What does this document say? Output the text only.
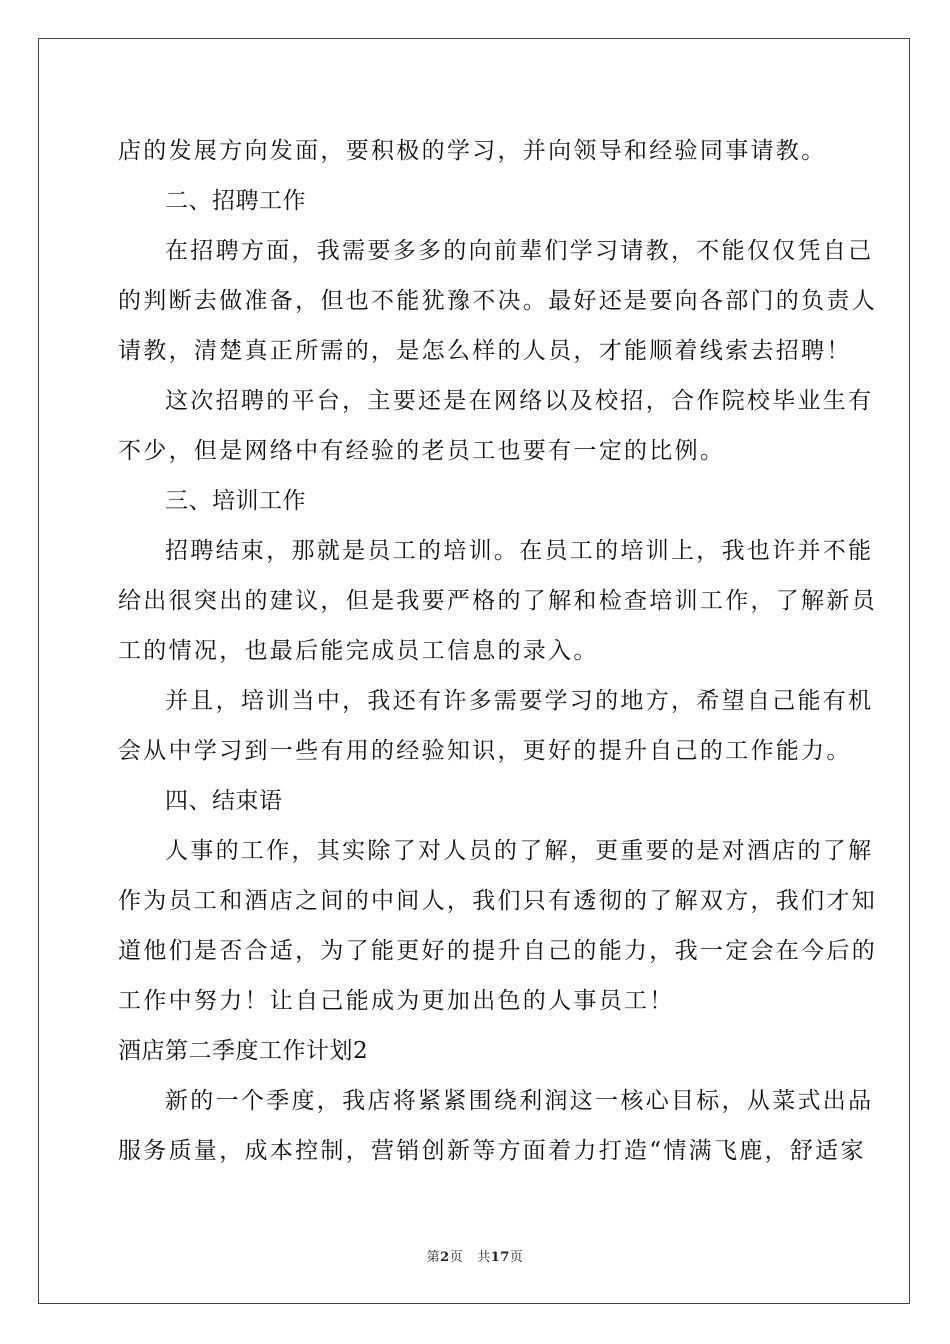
店的发展方向发面，要积极的学习，并向领导和经验同事请教。
二、招聘工作
在招聘方面，我需要多多的向前辈们学习请教，不能仅仅凭自己
的判断去做准备，但也不能犹豫不决。最好还是要向各部门的负责人
请教，清楚真正所需的，是怎么样的人员，才能顺着线索去招聘！
这次招聘的平台，主要还是在网络以及校招，合作院校毕业生有
不少，但是网络中有经验的老员工也要有一定的比例。
三、培训工作
招聘结束，那就是员工的培训。在员工的培训上，我也许并不能
给出很突出的建议，但是我要严格的了解和检查培训工作，了解新员
工的情况，也最后能完成员工信息的录入。
并且，培训当中，我还有许多需要学习的地方，希望自己能有机
会从中学习到一些有用的经验知识，更好的提升自己的工作能力。
四、结束语
人事的工作，其实除了对人员的了解，更重要的是对酒店的了解
作为员工和酒店之间的中间人，我们只有透彻的了解双方，我们才知
道他们是否合适，为了能更好的提升自己的能力，我一定会在今后的
工作中努力！让自己能成为更加出色的人事员工！
酒店第二季度工作计划2
新的一个季度，我店将紧紧围绕利润这一核心目标，从菜式出品
服务质量，成本控制，营销创新等方面着力打造“情满飞鹿，舒适家
第2页 共17页
